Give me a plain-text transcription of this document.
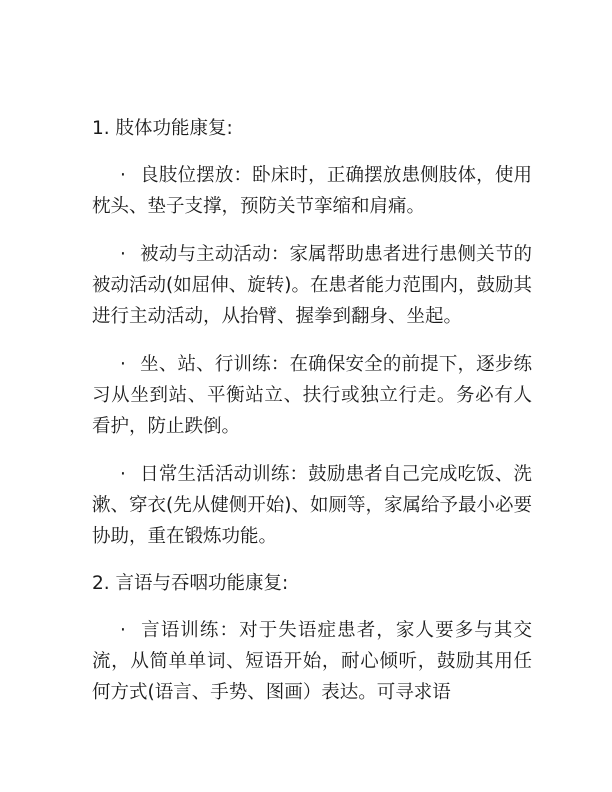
1. 肢体功能康复:

· 良肢位摆放：卧床时，正确摆放患侧肢体，使用枕头、垫子支撑，预防关节挛缩和肩痛。

· 被动与主动活动：家属帮助患者进行患侧关节的被动活动(如屈伸、旋转)。在患者能力范围内，鼓励其进行主动活动，从抬臂、握拳到翻身、坐起。

· 坐、站、行训练：在确保安全的前提下，逐步练习从坐到站、平衡站立、扶行或独立行走。务必有人看护，防止跌倒。

· 日常生活活动训练：鼓励患者自己完成吃饭、洗漱、穿衣(先从健侧开始)、如厕等，家属给予最小必要协助，重在锻炼功能。

2. 言语与吞咽功能康复:

· 言语训练：对于失语症患者，家人要多与其交流，从简单单词、短语开始，耐心倾听，鼓励其用任何方式(语言、手势、图画）表达。可寻求语
